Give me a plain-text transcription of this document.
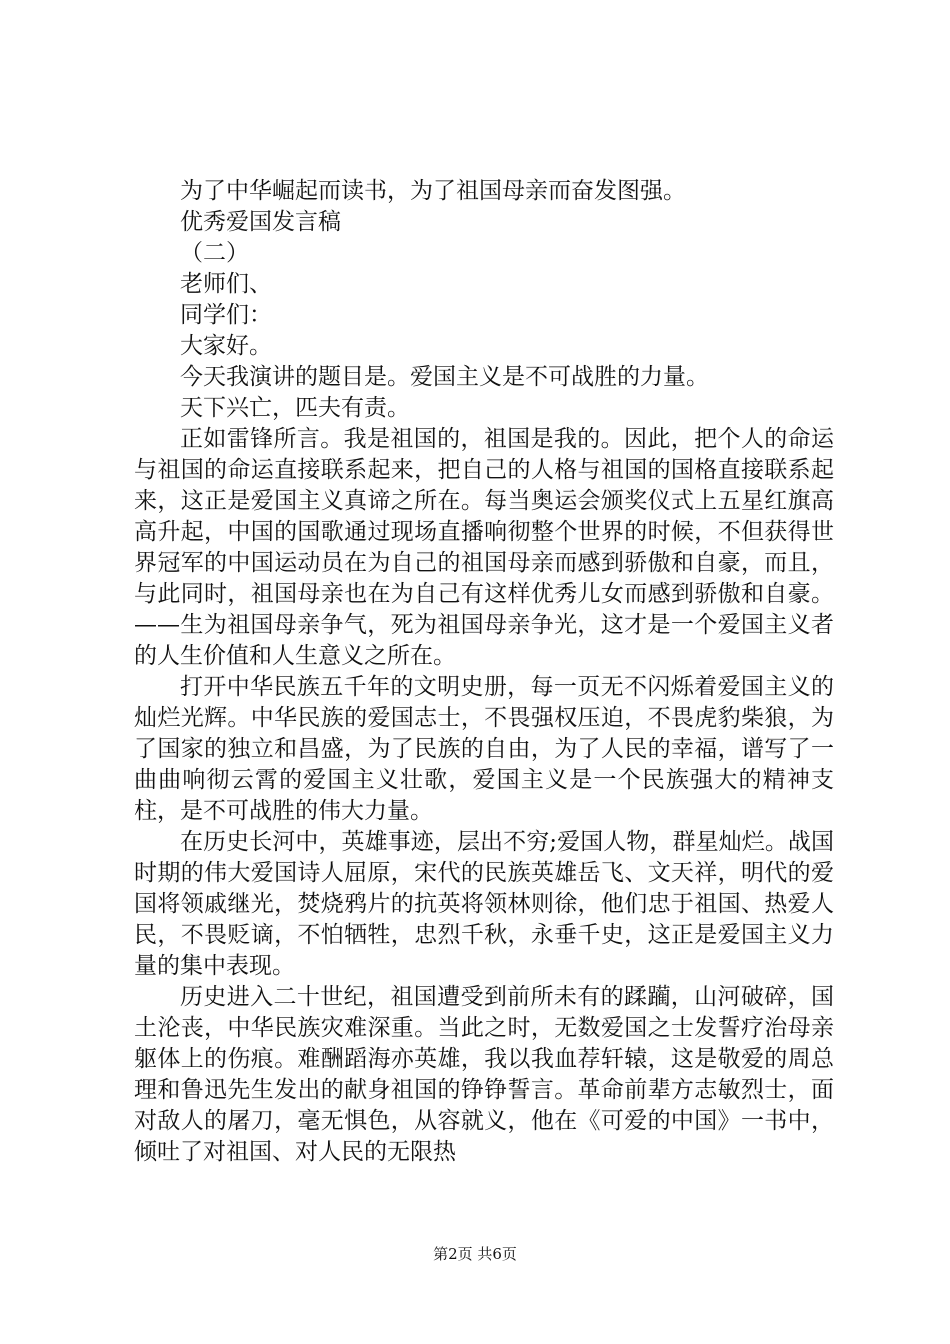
为了中华崛起而读书，为了祖国母亲而奋发图强。

优秀爱国发言稿

（二）

老师们、

同学们：

大家好。

今天我演讲的题目是。爱国主义是不可战胜的力量。

天下兴亡，匹夫有责。

正如雷锋所言。我是祖国的，祖国是我的。因此，把个人的命运与祖国的命运直接联系起来，把自己的人格与祖国的国格直接联系起来，这正是爱国主义真谛之所在。每当奥运会颁奖仪式上五星红旗高高升起，中国的国歌通过现场直播响彻整个世界的时候，不但获得世界冠军的中国运动员在为自己的祖国母亲而感到骄傲和自豪，而且，与此同时，祖国母亲也在为自己有这样优秀儿女而感到骄傲和自豪。——生为祖国母亲争气，死为祖国母亲争光，这才是一个爱国主义者的人生价值和人生意义之所在。

打开中华民族五千年的文明史册，每一页无不闪烁着爱国主义的灿烂光辉。中华民族的爱国志士，不畏强权压迫，不畏虎豹柴狼，为了国家的独立和昌盛，为了民族的自由，为了人民的幸福，谱写了一曲曲响彻云霄的爱国主义壮歌，爱国主义是一个民族强大的精神支柱，是不可战胜的伟大力量。

在历史长河中，英雄事迹，层出不穷;爱国人物，群星灿烂。战国时期的伟大爱国诗人屈原，宋代的民族英雄岳飞、文天祥，明代的爱国将领戚继光，焚烧鸦片的抗英将领林则徐，他们忠于祖国、热爱人民，不畏贬谪，不怕牺牲，忠烈千秋，永垂千史，这正是爱国主义力量的集中表现。

历史进入二十世纪，祖国遭受到前所未有的蹂躏，山河破碎，国土沦丧，中华民族灾难深重。当此之时，无数爱国之士发誓疗治母亲躯体上的伤痕。难酬蹈海亦英雄，我以我血荐轩辕，这是敬爱的周总理和鲁迅先生发出的献身祖国的铮铮誓言。革命前辈方志敏烈士，面对敌人的屠刀，毫无惧色，从容就义，他在《可爱的中国》一书中，倾吐了对祖国、对人民的无限热

第2页 共6页
